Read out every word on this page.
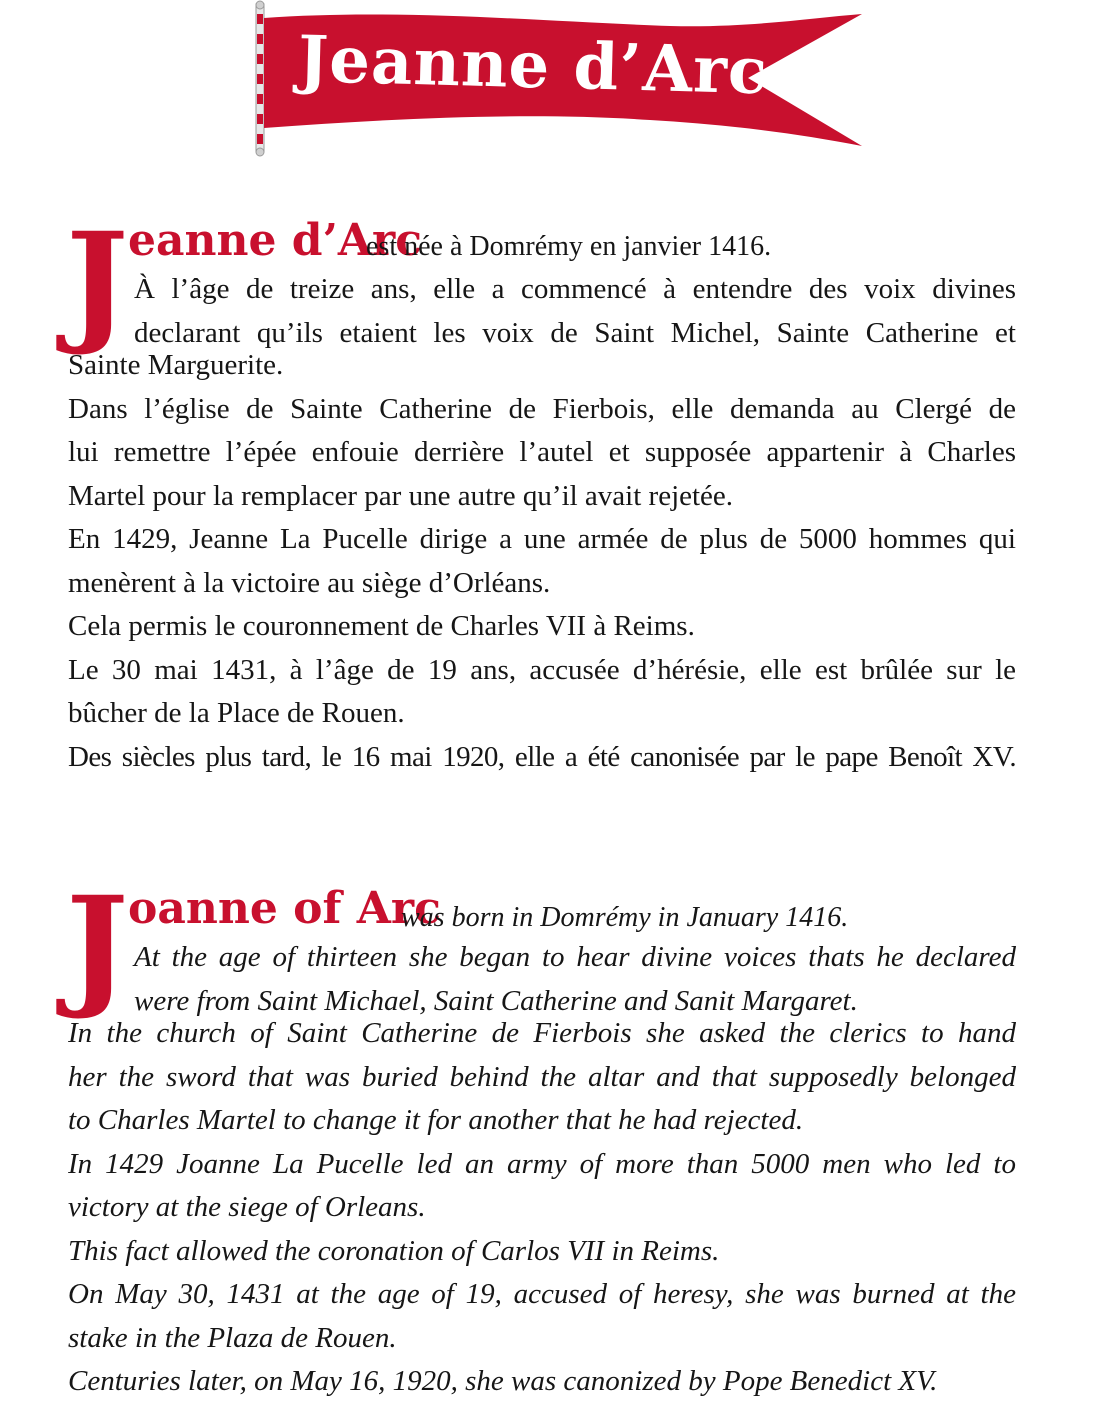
Jeanne d’Arc
J eanne d’Arc
est née à Domrémy en janvier 1416.
À l’âge de treize ans, elle a commencé à entendre des voix divines
declarant qu’ils etaient les voix de Saint Michel, Sainte Catherine et
Sainte Marguerite.
Dans l’église de Sainte Catherine de Fierbois, elle demanda au Clergé de
lui remettre l’épée enfouie derrière l’autel et supposée appartenir à Charles
Martel pour la remplacer par une autre qu’il avait rejetée.
En 1429, Jeanne La Pucelle dirige a une armée de plus de 5000 hommes qui
menèrent à la victoire au siège d’Orléans.
Cela permis le couronnement de Charles VII à Reims.
Le 30 mai 1431, à l’âge de 19 ans, accusée d’hérésie, elle est brûlée sur le
bûcher de la Place de Rouen.
Des siècles plus tard, le 16 mai 1920, elle a été canonisée par le pape Benoît XV.
J oanne of Arc
was born in Domrémy in January 1416.
At the age of thirteen she began to hear divine voices thats he declared
were from Saint Michael, Saint Catherine and Sanit Margaret.
In the church of Saint Catherine de Fierbois she asked the clerics to hand
her the sword that was buried behind the altar and that supposedly belonged
to Charles Martel to change it for another that he had rejected.
In 1429 Joanne La Pucelle led an army of more than 5000 men who led to
victory at the siege of Orleans.
This fact allowed the coronation of Carlos VII in Reims.
On May 30, 1431 at the age of 19, accused of heresy, she was burned at the
stake in the Plaza de Rouen.
Centuries later, on May 16, 1920, she was canonized by Pope Benedict XV.
